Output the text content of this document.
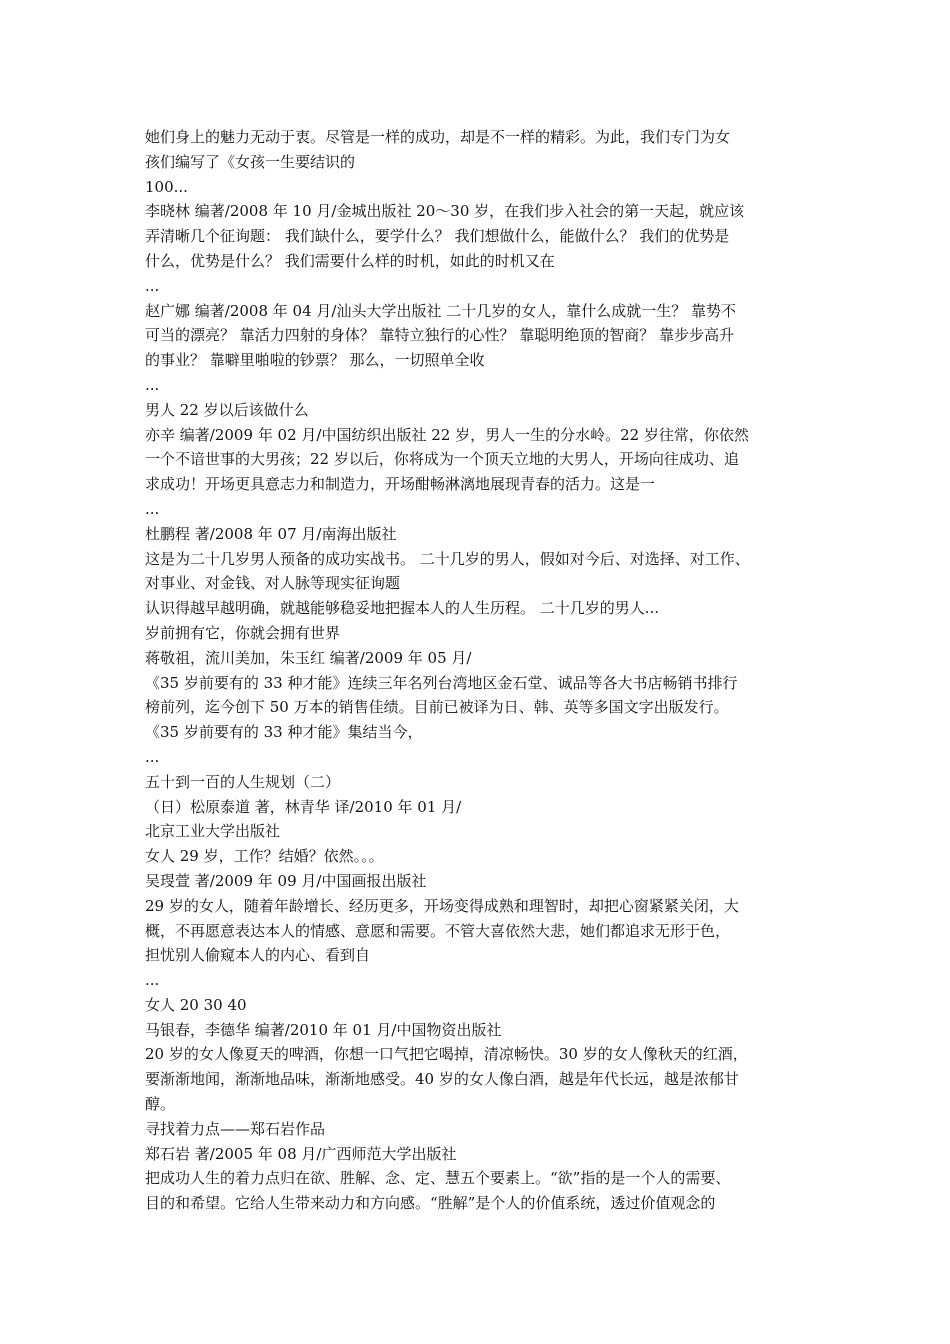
她们身上的魅力无动于衷。尽管是一样的成功，却是不一样的精彩。为此，我们专门为女
孩们编写了《女孩一生要结识的
100...
李晓林 编著/2008 年 10 月/金城出版社 20～30 岁，在我们步入社会的第一天起，就应该
弄清晰几个征询题： 我们缺什么，要学什么？ 我们想做什么，能做什么？ 我们的优势是
什么，优势是什么？ 我们需要什么样的时机，如此的时机又在
...
赵广娜 编著/2008 年 04 月/汕头大学出版社 二十几岁的女人，靠什么成就一生？ 靠势不
可当的漂亮？ 靠活力四射的身体？ 靠特立独行的心性？ 靠聪明绝顶的智商？ 靠步步高升
的事业？ 靠噼里啪啦的钞票？ 那么，一切照单全收
...
男人 22 岁以后该做什么
亦辛 编著/2009 年 02 月/中国纺织出版社 22 岁，男人一生的分水岭。22 岁往常，你依然
一个不谙世事的大男孩；22 岁以后，你将成为一个顶天立地的大男人，开场向往成功、追
求成功！开场更具意志力和制造力，开场酣畅淋漓地展现青春的活力。这是一
...
杜鹏程 著/2008 年 07 月/南海出版社
这是为二十几岁男人预备的成功实战书。 二十几岁的男人，假如对今后、对选择、对工作、
对事业、对金钱、对人脉等现实征询题
认识得越早越明确，就越能够稳妥地把握本人的人生历程。 二十几岁的男人...
岁前拥有它，你就会拥有世界
蒋敬祖，流川美加，朱玉红 编著/2009 年 05 月/
《35 岁前要有的 33 种才能》连续三年名列台湾地区金石堂、诚品等各大书店畅销书排行
榜前列，迄今创下 50 万本的销售佳绩。目前已被译为日、韩、英等多国文字出版发行。
《35 岁前要有的 33 种才能》集结当今，
...
五十到一百的人生规划（二）
（日）松原泰道 著，林青华 译/2010 年 01 月/
北京工业大学出版社
女人 29 岁，工作？结婚？依然。。。
吴琝萱 著/2009 年 09 月/中国画报出版社
29 岁的女人，随着年龄增长、经历更多，开场变得成熟和理智时，却把心窗紧紧关闭，大
概，不再愿意表达本人的情感、意愿和需要。不管大喜依然大悲，她们都追求无形于色，
担忧别人偷窥本人的内心、看到自
...
女人 20 30 40
马银春，李德华 编著/2010 年 01 月/中国物资出版社
20 岁的女人像夏天的啤酒，你想一口气把它喝掉，清凉畅快。30 岁的女人像秋天的红酒，
要渐渐地闻，渐渐地品味，渐渐地感受。40 岁的女人像白酒，越是年代长远，越是浓郁甘
醇。
寻找着力点——郑石岩作品
郑石岩 著/2005 年 08 月/广西师范大学出版社
把成功人生的着力点归在欲、胜解、念、定、慧五个要素上。“欲”指的是一个人的需要、
目的和希望。它给人生带来动力和方向感。“胜解”是个人的价值系统，透过价值观念的
